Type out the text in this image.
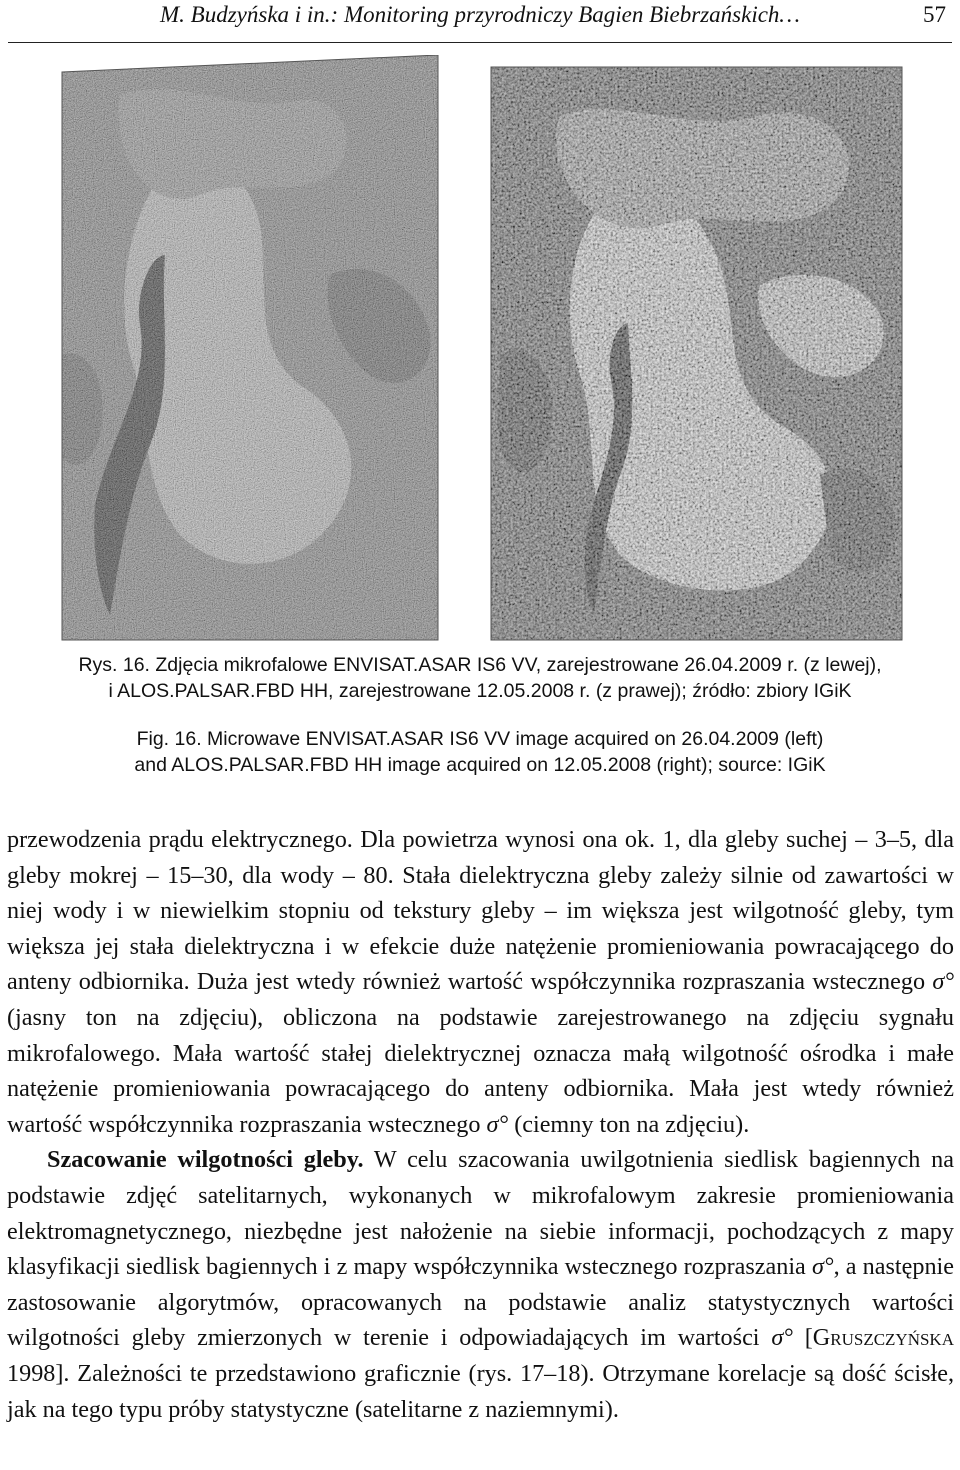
M. Budzyńska i in.: Monitoring przyrodniczy Bagien Biebrzańskich…	57
Rys. 16. Zdjęcia mikrofalowe ENVISAT.ASAR IS6 VV, zarejestrowane 26.04.2009 r. (z lewej),
i ALOS.PALSAR.FBD HH, zarejestrowane 12.05.2008 r. (z prawej); źródło: zbiory IGiK
Fig. 16. Microwave ENVISAT.ASAR IS6 VV image acquired on 26.04.2009 (left)
and ALOS.PALSAR.FBD HH image acquired on 12.05.2008 (right); source: IGiK

przewodzenia prądu elektrycznego. Dla powietrza wynosi ona ok. 1, dla gleby suchej – 3–5, dla gleby mokrej – 15–30, dla wody – 80. Stała dielektryczna gleby zależy silnie od zawartości w niej wody i w niewielkim stopniu od tekstury gleby – im większa jest wilgotność gleby, tym większa jej stała dielektryczna i w efekcie duże natężenie promieniowania powracającego do anteny odbiornika. Duża jest wtedy również wartość współczynnika rozpraszania wstecznego σ° (jasny ton na zdjęciu), obliczona na podstawie zarejestrowanego na zdjęciu sygnału mikrofalowego. Mała wartość stałej dielektrycznej oznacza małą wilgotność ośrodka i małe natężenie promieniowania powracającego do anteny odbiornika. Mała jest wtedy również wartość współczynnika rozpraszania wstecznego σ° (ciemny ton na zdjęciu).

Szacowanie wilgotności gleby. W celu szacowania uwilgotnienia siedlisk bagiennych na podstawie zdjęć satelitarnych, wykonanych w mikrofalowym zakresie promieniowania elektromagnetycznego, niezbędne jest nałożenie na siebie informacji, pochodzących z mapy klasyfikacji siedlisk bagiennych i z mapy współczynnika wstecznego rozpraszania σ°, a następnie zastosowanie algorytmów, opracowanych na podstawie analiz statystycznych wartości wilgotności gleby zmierzonych w terenie i odpowiadających im wartości σ° [Gruszczyńska 1998]. Zależności te przedstawiono graficznie (rys. 17–18). Otrzymane korelacje są dość ścisłe, jak na tego typu próby statystyczne (satelitarne z naziemnymi).
